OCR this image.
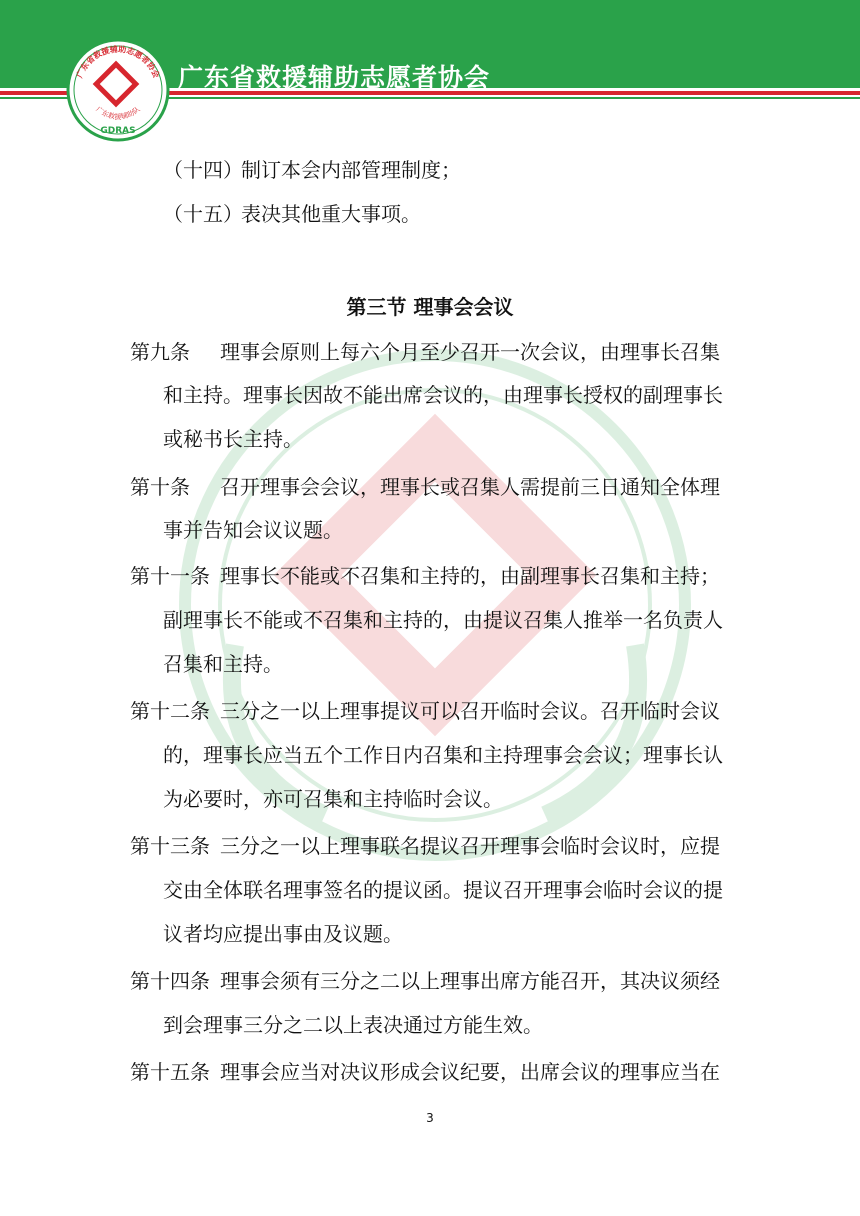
广东省救援辅助志愿者协会
广东救援辅助队
GDRAS
广东省救援辅助志愿者协会
（十四）制订本会内部管理制度；
（十五）表决其他重大事项。
第三节 理事会会议
第九条 理事会原则上每六个月至少召开一次会议，由理事长召集
和主持。理事长因故不能出席会议的，由理事长授权的副理事长
或秘书长主持。
第十条 召开理事会会议，理事长或召集人需提前三日通知全体理
事并告知会议议题。
第十一条 理事长不能或不召集和主持的，由副理事长召集和主持；
副理事长不能或不召集和主持的，由提议召集人推举一名负责人
召集和主持。
第十二条 三分之一以上理事提议可以召开临时会议。召开临时会议
的，理事长应当五个工作日内召集和主持理事会会议；理事长认
为必要时，亦可召集和主持临时会议。
第十三条 三分之一以上理事联名提议召开理事会临时会议时，应提
交由全体联名理事签名的提议函。提议召开理事会临时会议的提
议者均应提出事由及议题。
第十四条 理事会须有三分之二以上理事出席方能召开，其决议须经
到会理事三分之二以上表决通过方能生效。
第十五条 理事会应当对决议形成会议纪要，出席会议的理事应当在
3
